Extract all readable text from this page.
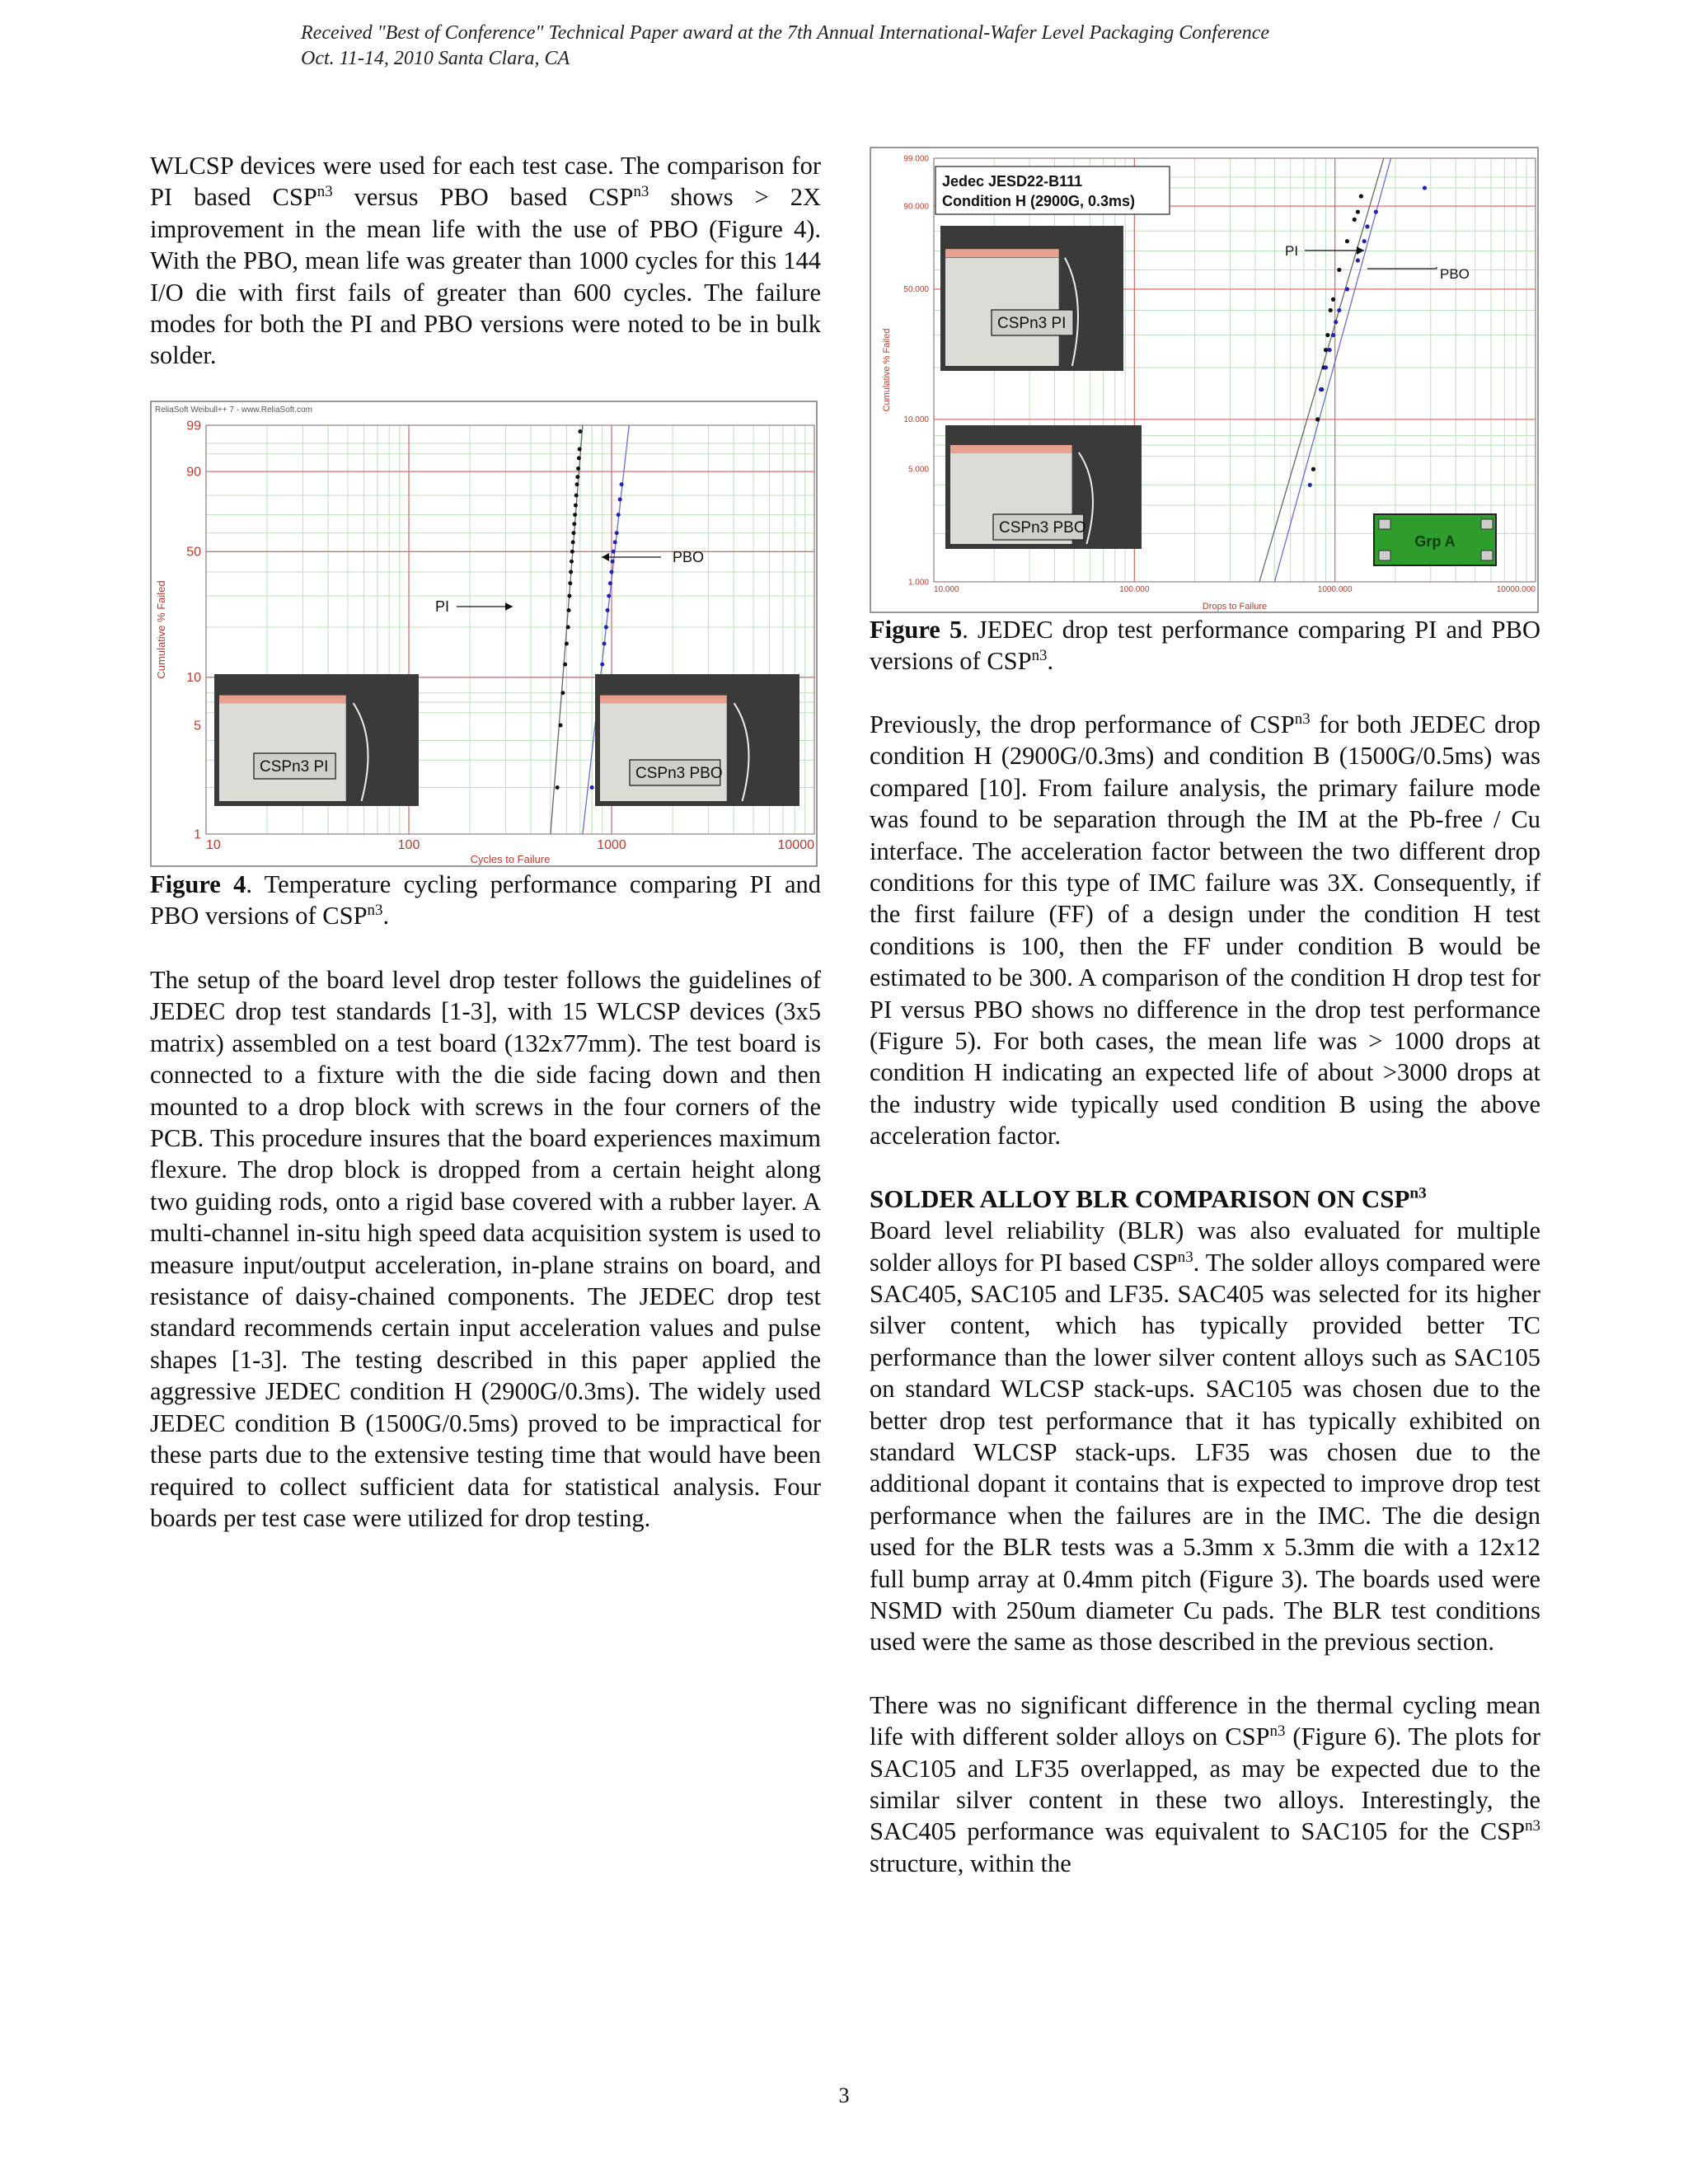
Received "Best of Conference" Technical Paper award at the 7th Annual International-Wafer Level Packaging Conference
Oct. 11-14, 2010 Santa Clara, CA

WLCSP devices were used for each test case. The comparison for PI based $CSP^{n3}$ versus PBO based $CSP^{n3}$ shows > 2X improvement in the mean life with the use of PBO (Figure 4). With the PBO, mean life was greater than 1000 cycles for this 144 I/O die with first fails of greater than 600 cycles. The failure modes for both the PI and PBO versions were noted to be in bulk solder.

99
90
50
10
5
1
10	100	1000	10000
Cycles to Failure
Cumulative % Failed
ReliaSoft Weibull++ 7 - www.ReliaSoft.com
CSPn3 PI	CSPn3 PBO
PI
PBO

Figure 4. Temperature cycling performance comparing PI and PBO versions of $CSP^{n3}$.

The setup of the board level drop tester follows the guidelines of JEDEC drop test standards [1-3], with 15 WLCSP devices (3x5 matrix) assembled on a test board (132x77mm). The test board is connected to a fixture with the die side facing down and then mounted to a drop block with screws in the four corners of the PCB. This procedure insures that the board experiences maximum flexure. The drop block is dropped from a certain height along two guiding rods, onto a rigid base covered with a rubber layer. A multi-channel in-situ high speed data acquisition system is used to measure input/output acceleration, in-plane strains on board, and resistance of daisy-chained components. The JEDEC drop test standard recommends certain input acceleration values and pulse shapes [1-3]. The testing described in this paper applied the aggressive JEDEC condition H (2900G/0.3ms). The widely used JEDEC condition B (1500G/0.5ms) proved to be impractical for these parts due to the extensive testing time that would have been required to collect sufficient data for statistical analysis. Four boards per test case were utilized for drop testing.

99.000
90.000
50.000
10.000
5.000
1.000
10.000	100.000	1000.000	10000.000
Drops to Failure
Cumulative % Failed
Jedec JESD22-B111
Condition H (2900G, 0.3ms)
CSPn3 PI
CSPn3 PBO
PI
PBO
Grp A

Figure 5. JEDEC drop test performance comparing PI and PBO versions of $CSP^{n3}$.

Previously, the drop performance of $CSP^{n3}$ for both JEDEC drop condition H (2900G/0.3ms) and condition B (1500G/0.5ms) was compared [10]. From failure analysis, the primary failure mode was found to be separation through the IM at the Pb-free / Cu interface. The acceleration factor between the two different drop conditions for this type of IMC failure was 3X. Consequently, if the first failure (FF) of a design under the condition H test conditions is 100, then the FF under condition B would be estimated to be 300. A comparison of the condition H drop test for PI versus PBO shows no difference in the drop test performance (Figure 5). For both cases, the mean life was > 1000 drops at condition H indicating an expected life of about >3000 drops at the industry wide typically used condition B using the above acceleration factor.

SOLDER ALLOY BLR COMPARISON ON $CSP^{n3}$

Board level reliability (BLR) was also evaluated for multiple solder alloys for PI based $CSP^{n3}$. The solder alloys compared were SAC405, SAC105 and LF35. SAC405 was selected for its higher silver content, which has typically provided better TC performance than the lower silver content alloys such as SAC105 on standard WLCSP stack-ups. SAC105 was chosen due to the better drop test performance that it has typically exhibited on standard WLCSP stack-ups. LF35 was chosen due to the additional dopant it contains that is expected to improve drop test performance when the failures are in the IMC. The die design used for the BLR tests was a 5.3mm x 5.3mm die with a 12x12 full bump array at 0.4mm pitch (Figure 3). The boards used were NSMD with 250um diameter Cu pads. The BLR test conditions used were the same as those described in the previous section.

There was no significant difference in the thermal cycling mean life with different solder alloys on $CSP^{n3}$ (Figure 6). The plots for SAC105 and LF35 overlapped, as may be expected due to the similar silver content in these two alloys. Interestingly, the SAC405 performance was equivalent to SAC105 for the $CSP^{n3}$ structure, within the

3
